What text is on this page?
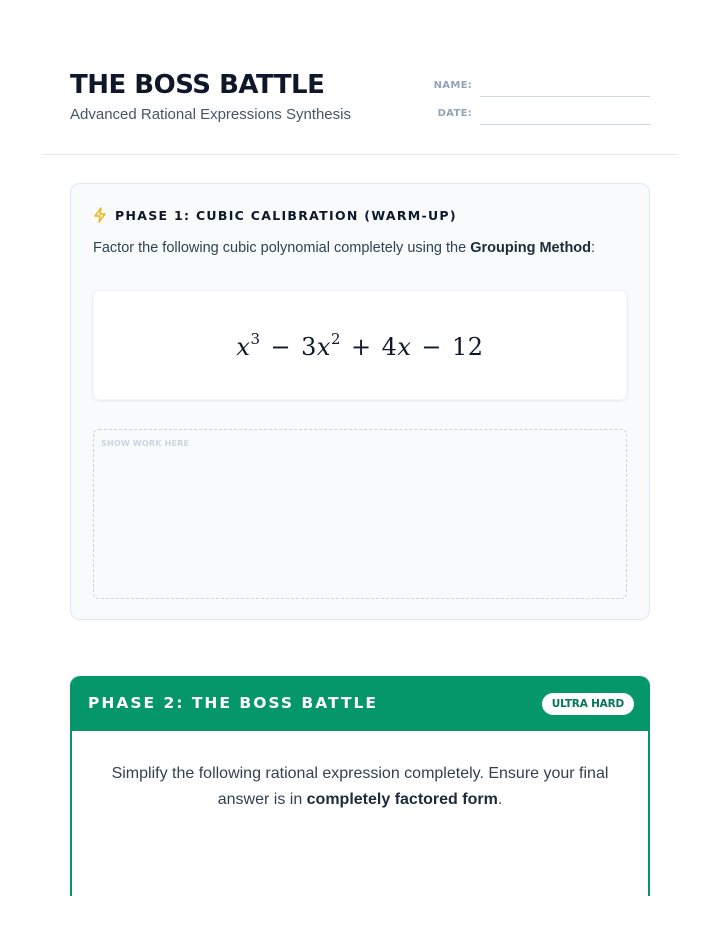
THE BOSS BATTLE
Advanced Rational Expressions Synthesis
NAME:
DATE:
PHASE 1: CUBIC CALIBRATION (WARM-UP)
Factor the following cubic polynomial completely using the Grouping Method:
$x^3 - 3x^2 + 4x - 12$
SHOW WORK HERE
PHASE 2: THE BOSS BATTLE	ULTRA HARD
Simplify the following rational expression completely. Ensure your final answer is in completely factored form.
